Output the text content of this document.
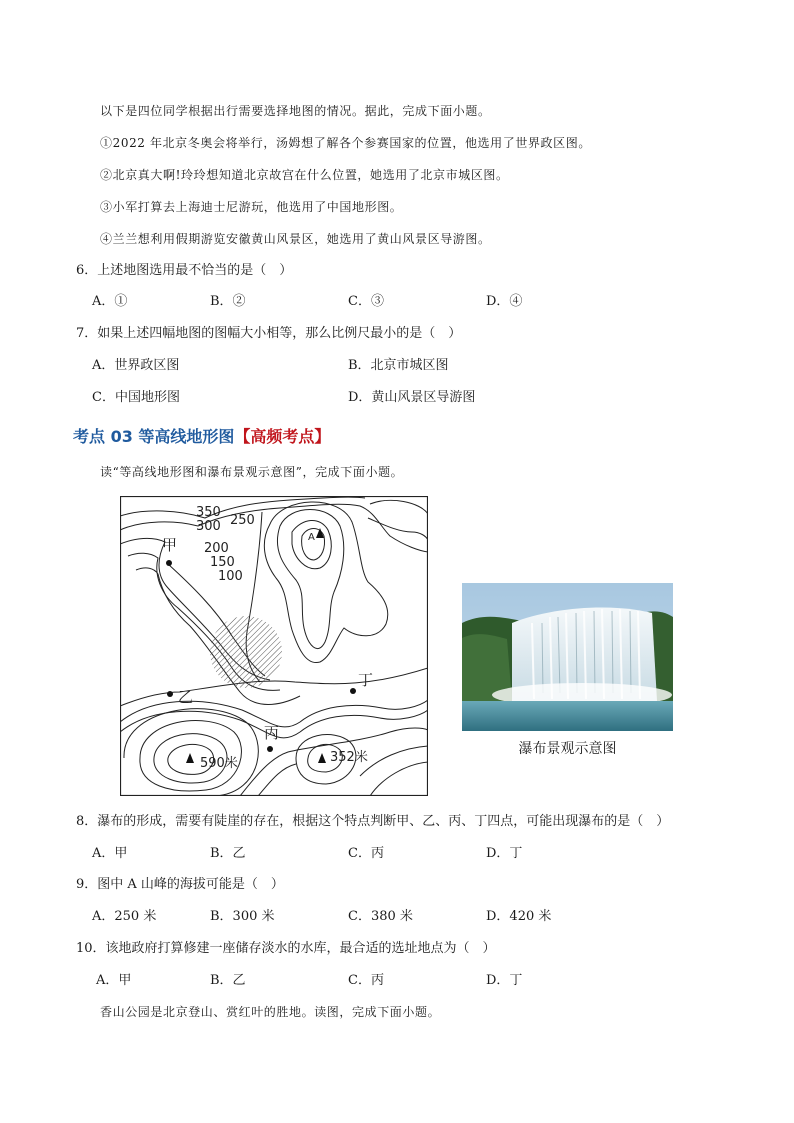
以下是四位同学根据出行需要选择地图的情况。据此，完成下面小题。
①2022 年北京冬奥会将举行，汤姆想了解各个参赛国家的位置，他选用了世界政区图。
②北京真大啊!玲玲想知道北京故宫在什么位置，她选用了北京市城区图。
③小军打算去上海迪士尼游玩，他选用了中国地形图。
④兰兰想利用假期游览安徽黄山风景区，她选用了黄山风景区导游图。
6．上述地图选用最不恰当的是（　）
A．①	B．②	C．③	D．④
7．如果上述四幅地图的图幅大小相等，那么比例尺最小的是（　）
A．世界政区图	B．北京市城区图
C．中国地形图	D．黄山风景区导游图
考点 03 等高线地形图【高频考点】
读“等高线地形图和瀑布景观示意图”，完成下面小题。
350
300 250
200
150
100
甲
乙
丙
丁
A
590米	352米
瀑布景观示意图
8．瀑布的形成，需要有陡崖的存在，根据这个特点判断甲、乙、丙、丁四点，可能出现瀑布的是（　）
A．甲	B．乙	C．丙	D．丁
9．图中 A 山峰的海拔可能是（　）
A．250 米	B．300 米	C．380 米	D．420 米
10．该地政府打算修建一座储存淡水的水库，最合适的选址地点为（　）
A．甲	B．乙	C．丙	D．丁
香山公园是北京登山、赏红叶的胜地。读图，完成下面小题。
